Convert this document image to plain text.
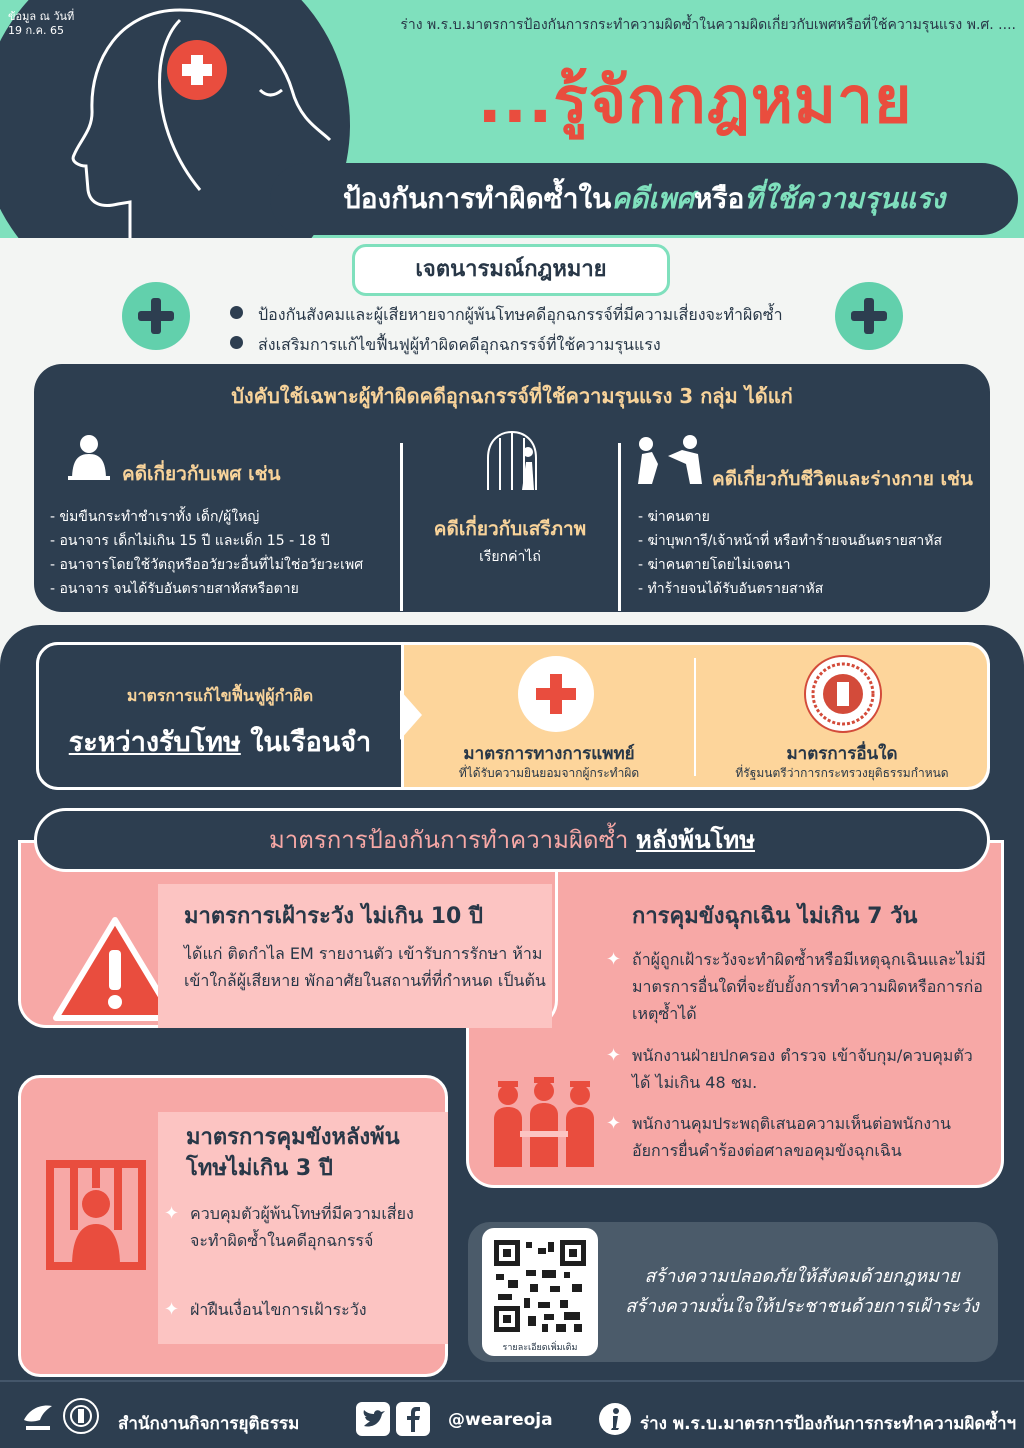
ข้อมูล ณ วันที่
19 ก.ค. 65	ร่าง พ.ร.บ.มาตรการป้องกันการกระทำความผิดซ้ำในความผิดเกี่ยวกับเพศหรือที่ใช้ความรุนแรง พ.ศ. ....
...รู้จักกฎหมาย
ป้องกันการทำผิดซ้ำในคดีเพศหรือที่ใช้ความรุนแรง
เจตนารมณ์กฎหมาย
ป้องกันสังคมและผู้เสียหายจากผู้พ้นโทษคดีอุกฉกรรจ์ที่มีความเสี่ยงจะทำผิดซ้ำ
ส่งเสริมการแก้ไขฟื้นฟูผู้ทำผิดคดีอุกฉกรรจ์ที่ใช้ความรุนแรง
บังคับใช้เฉพาะผู้ทำผิดคดีอุกฉกรรจ์ที่ใช้ความรุนแรง 3 กลุ่ม ได้แก่
คดีเกี่ยวกับเพศ เช่น
- ข่มขืนกระทำชำเราทั้ง เด็ก/ผู้ใหญ่
- อนาจาร เด็กไม่เกิน 15 ปี และเด็ก 15 - 18 ปี
- อนาจารโดยใช้วัตถุหรืออวัยวะอื่นที่ไม่ใช่อวัยวะเพศ
- อนาจาร จนได้รับอันตรายสาหัสหรือตาย
คดีเกี่ยวกับเสรีภาพ
เรียกค่าไถ่
คดีเกี่ยวกับชีวิตและร่างกาย เช่น
- ฆ่าคนตาย
- ฆ่าบุพการี/เจ้าหน้าที่ หรือทำร้ายจนอันตรายสาหัส
- ฆ่าคนตายโดยไม่เจตนา
- ทำร้ายจนได้รับอันตรายสาหัส
มาตรการแก้ไขฟื้นฟูผู้กำผิด
ระหว่างรับโทษ ในเรือนจำ	มาตรการทางการแพทย์
ที่ได้รับความยินยอมจากผู้กระทำผิด
มาตรการอื่นใด
ที่รัฐมนตรีว่าการกระทรวงยุติธรรมกำหนด
มาตรการป้องกันการทำความผิดซ้ำ หลังพ้นโทษ
มาตรการเฝ้าระวัง ไม่เกิน 10 ปี
ได้แก่ ติดกำไล EM รายงานตัว เข้ารับการรักษา ห้ามเข้าใกล้ผู้เสียหาย พักอาศัยในสถานที่ที่กำหนด เป็นต้น
การคุมขังฉุกเฉิน ไม่เกิน 7 วัน
✦ ถ้าผู้ถูกเฝ้าระวังจะทำผิดซ้ำหรือมีเหตุฉุกเฉินและไม่มีมาตรการอื่นใดที่จะยับยั้งการทำความผิดหรือการก่อเหตุซ้ำได้
✦ พนักงานฝ่ายปกครอง ตำรวจ เข้าจับกุม/ควบคุมตัวได้ ไม่เกิน 48 ชม.
✦ พนักงานคุมประพฤติเสนอความเห็นต่อพนักงานอัยการยื่นคำร้องต่อศาลขอคุมขังฉุกเฉิน
มาตรการคุมขังหลังพ้นโทษไม่เกิน 3 ปี
✦ ควบคุมตัวผู้พ้นโทษที่มีความเสี่ยงจะทำผิดซ้ำในคดีอุกฉกรรจ์
✦ ฝ่าฝืนเงื่อนไขการเฝ้าระวัง
รายละเอียดเพิ่มเติม
สร้างความปลอดภัยให้สังคมด้วยกฎหมาย
สร้างความมั่นใจให้ประชาชนด้วยการเฝ้าระวัง
สำนักงานกิจการยุติธรรม	@weareoja	ร่าง พ.ร.บ.มาตรการป้องกันการกระทำความผิดซ้ำฯ
